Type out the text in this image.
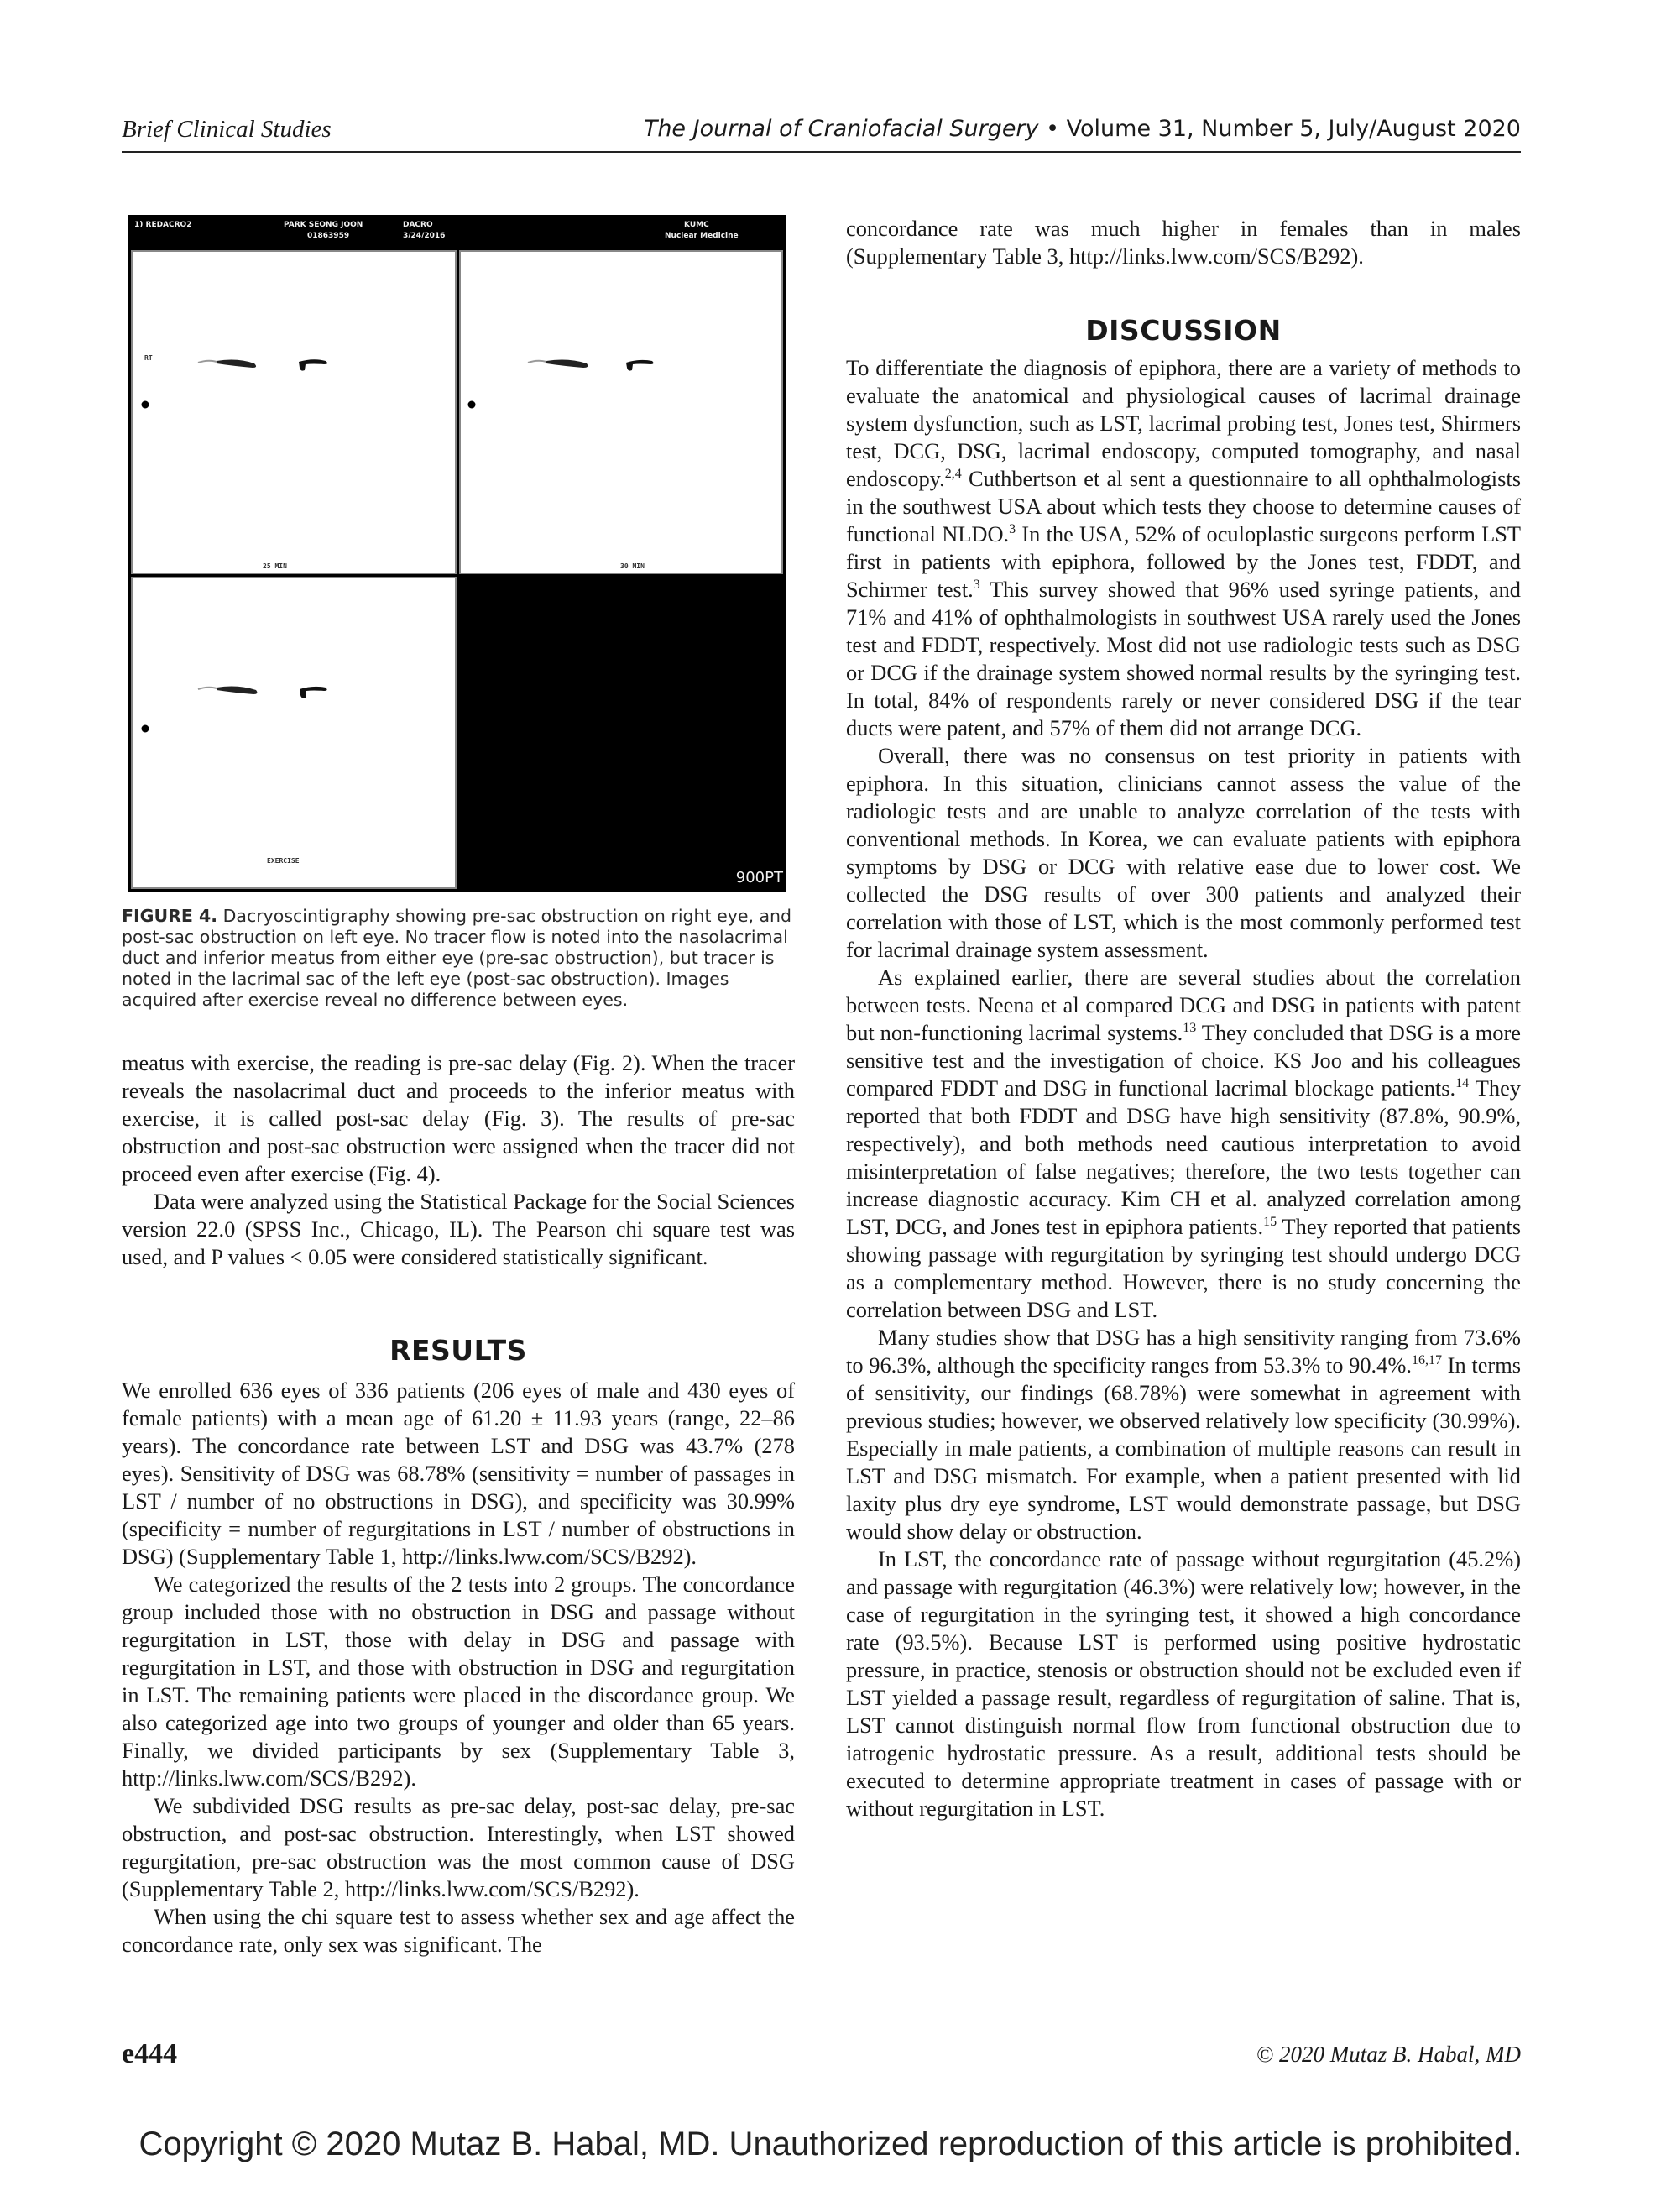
Brief Clinical Studies	The Journal of Craniofacial Surgery • Volume 31, Number 5, July/August 2020
1) REDACRO2	PARK SEONG JOON
01863959
DACRO
3/24/2016
KUMC
Nuclear Medicine
RT
25 MIN	30 MIN
EXERCISE
900PT
FIGURE 4. Dacryoscintigraphy showing pre-sac obstruction on right eye, and post-sac obstruction on left eye. No tracer flow is noted into the nasolacrimal duct and inferior meatus from either eye (pre-sac obstruction), but tracer is noted in the lacrimal sac of the left eye (post-sac obstruction). Images acquired after exercise reveal no difference between eyes.

meatus with exercise, the reading is pre-sac delay (Fig. 2). When the tracer reveals the nasolacrimal duct and proceeds to the inferior meatus with exercise, it is called post-sac delay (Fig. 3). The results of pre-sac obstruction and post-sac obstruction were assigned when the tracer did not proceed even after exercise (Fig. 4).

Data were analyzed using the Statistical Package for the Social Sciences version 22.0 (SPSS Inc., Chicago, IL). The Pearson chi square test was used, and P values < 0.05 were considered statistically significant.

RESULTS

We enrolled 636 eyes of 336 patients (206 eyes of male and 430 eyes of female patients) with a mean age of 61.20 ± 11.93 years (range, 22–86 years). The concordance rate between LST and DSG was 43.7% (278 eyes). Sensitivity of DSG was 68.78% (sensitivity = number of passages in LST / number of no obstructions in DSG), and specificity was 30.99% (specificity = number of regurgitations in LST / number of obstructions in DSG) (Supplementary Table 1, http://links.lww.com/SCS/B292).

We categorized the results of the 2 tests into 2 groups. The concordance group included those with no obstruction in DSG and passage without regurgitation in LST, those with delay in DSG and passage with regurgitation in LST, and those with obstruction in DSG and regurgitation in LST. The remaining patients were placed in the discordance group. We also categorized age into two groups of younger and older than 65 years. Finally, we divided participants by sex (Supplementary Table 3, http://links.lww.com/SCS/B292).

We subdivided DSG results as pre-sac delay, post-sac delay, pre-sac obstruction, and post-sac obstruction. Interestingly, when LST showed regurgitation, pre-sac obstruction was the most common cause of DSG (Supplementary Table 2, http://links.lww.com/SCS/B292).

When using the chi square test to assess whether sex and age affect the concordance rate, only sex was significant. The

concordance rate was much higher in females than in males (Supplementary Table 3, http://links.lww.com/SCS/B292).

DISCUSSION

To differentiate the diagnosis of epiphora, there are a variety of methods to evaluate the anatomical and physiological causes of lacrimal drainage system dysfunction, such as LST, lacrimal probing test, Jones test, Shirmers test, DCG, DSG, lacrimal endoscopy, computed tomography, and nasal endoscopy.$^{2,4}$ Cuthbertson et al sent a questionnaire to all ophthalmologists in the southwest USA about which tests they choose to determine causes of functional NLDO.$^3$ In the USA, 52% of oculoplastic surgeons perform LST first in patients with epiphora, followed by the Jones test, FDDT, and Schirmer test.$^3$ This survey showed that 96% used syringe patients, and 71% and 41% of ophthalmologists in southwest USA rarely used the Jones test and FDDT, respectively. Most did not use radiologic tests such as DSG or DCG if the drainage system showed normal results by the syringing test. In total, 84% of respondents rarely or never considered DSG if the tear ducts were patent, and 57% of them did not arrange DCG.

Overall, there was no consensus on test priority in patients with epiphora. In this situation, clinicians cannot assess the value of the radiologic tests and are unable to analyze correlation of the tests with conventional methods. In Korea, we can evaluate patients with epiphora symptoms by DSG or DCG with relative ease due to lower cost. We collected the DSG results of over 300 patients and analyzed their correlation with those of LST, which is the most commonly performed test for lacrimal drainage system assessment.

As explained earlier, there are several studies about the correlation between tests. Neena et al compared DCG and DSG in patients with patent but non-functioning lacrimal systems.$^{13}$ They concluded that DSG is a more sensitive test and the investigation of choice. KS Joo and his colleagues compared FDDT and DSG in functional lacrimal blockage patients.$^{14}$ They reported that both FDDT and DSG have high sensitivity (87.8%, 90.9%, respectively), and both methods need cautious interpretation to avoid misinterpretation of false negatives; therefore, the two tests together can increase diagnostic accuracy. Kim CH et al. analyzed correlation among LST, DCG, and Jones test in epiphora patients.$^{15}$ They reported that patients showing passage with regurgitation by syringing test should undergo DCG as a complementary method. However, there is no study concerning the correlation between DSG and LST.

Many studies show that DSG has a high sensitivity ranging from 73.6% to 96.3%, although the specificity ranges from 53.3% to 90.4%.$^{16,17}$ In terms of sensitivity, our findings (68.78%) were somewhat in agreement with previous studies; however, we observed relatively low specificity (30.99%). Especially in male patients, a combination of multiple reasons can result in LST and DSG mismatch. For example, when a patient presented with lid laxity plus dry eye syndrome, LST would demonstrate passage, but DSG would show delay or obstruction.

In LST, the concordance rate of passage without regurgitation (45.2%) and passage with regurgitation (46.3%) were relatively low; however, in the case of regurgitation in the syringing test, it showed a high concordance rate (93.5%). Because LST is performed using positive hydrostatic pressure, in practice, stenosis or obstruction should not be excluded even if LST yielded a passage result, regardless of regurgitation of saline. That is, LST cannot distinguish normal flow from functional obstruction due to iatrogenic hydrostatic pressure. As a result, additional tests should be executed to determine appropriate treatment in cases of passage with or without regurgitation in LST.

e444	© 2020 Mutaz B. Habal, MD
Copyright © 2020 Mutaz B. Habal, MD. Unauthorized reproduction of this article is prohibited.
